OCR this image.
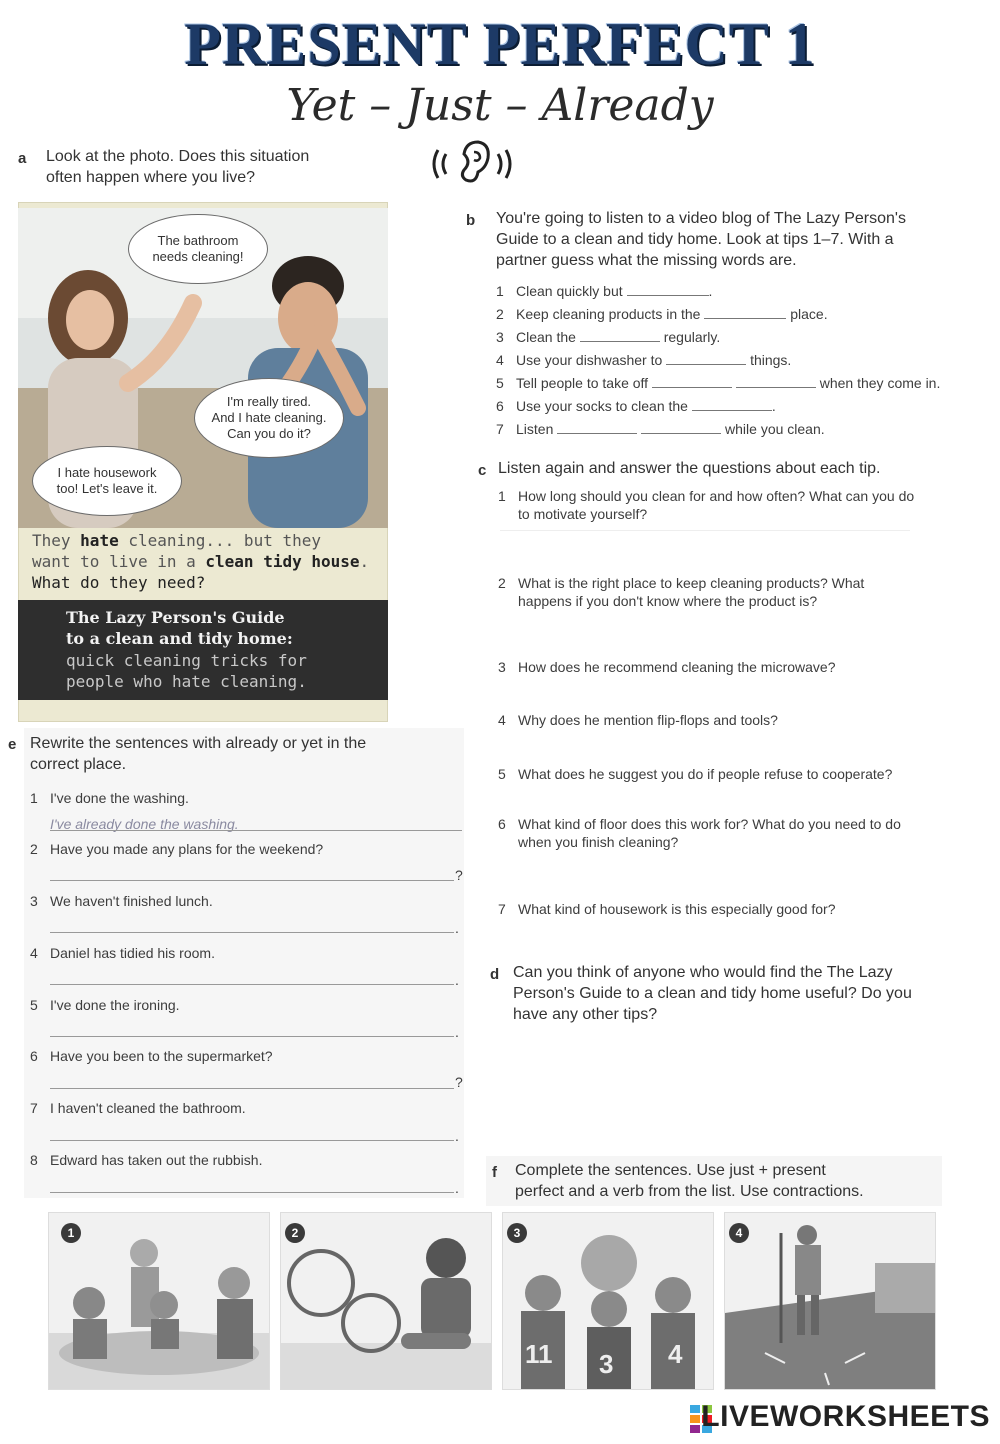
PRESENT PERFECT 1
Yet – Just – Already
a Look at the photo. Does this situation
often happen where you live?
The bathroom
needs cleaning!
I'm really tired.
And I hate cleaning.
Can you do it?
I hate housework
too! Let's leave it.
They hate cleaning... but they
want to live in a clean tidy house.
What do they need?
The Lazy Person's Guide
to a clean and tidy home:
quick cleaning tricks for
people who hate cleaning.
b You're going to listen to a video blog of The Lazy Person's
Guide to a clean and tidy home. Look at tips 1–7. With a
partner guess what the missing words are.
1 Clean quickly but	.
2 Keep cleaning products in the	place.
3 Clean the	regularly.
4 Use your dishwasher to	things.
5 Tell people to take off	when they come in.
6 Use your socks to clean the	.
7 Listen	while you clean.
c Listen again and answer the questions about each tip.
1 How long should you clean for and how often? What can you do
to motivate yourself?
2 What is the right place to keep cleaning products? What
happens if you don't know where the product is?
3 How does he recommend cleaning the microwave?
4 Why does he mention flip-flops and tools?
5 What does he suggest you do if people refuse to cooperate?
6 What kind of floor does this work for? What do you need to do
when you finish cleaning?
7 What kind of housework is this especially good for?
d Can you think of anyone who would find the The Lazy
Person's Guide to a clean and tidy home useful? Do you
have any other tips?
e Rewrite the sentences with already or yet in the
correct place.
1 I've done the washing.
I've already done the washing.
2 Have you made any plans for the weekend?
?
3 We haven't finished lunch.
.
4 Daniel has tidied his room.
.
5 I've done the ironing.
.
6 Have you been to the supermarket?
?
7 I haven't cleaned the bathroom.
.
8 Edward has taken out the rubbish.
.
f Complete the sentences. Use just + present
perfect and a verb from the list. Use contractions.
1	2	3
11 3 4
4
LIVEWORKSHEETS
